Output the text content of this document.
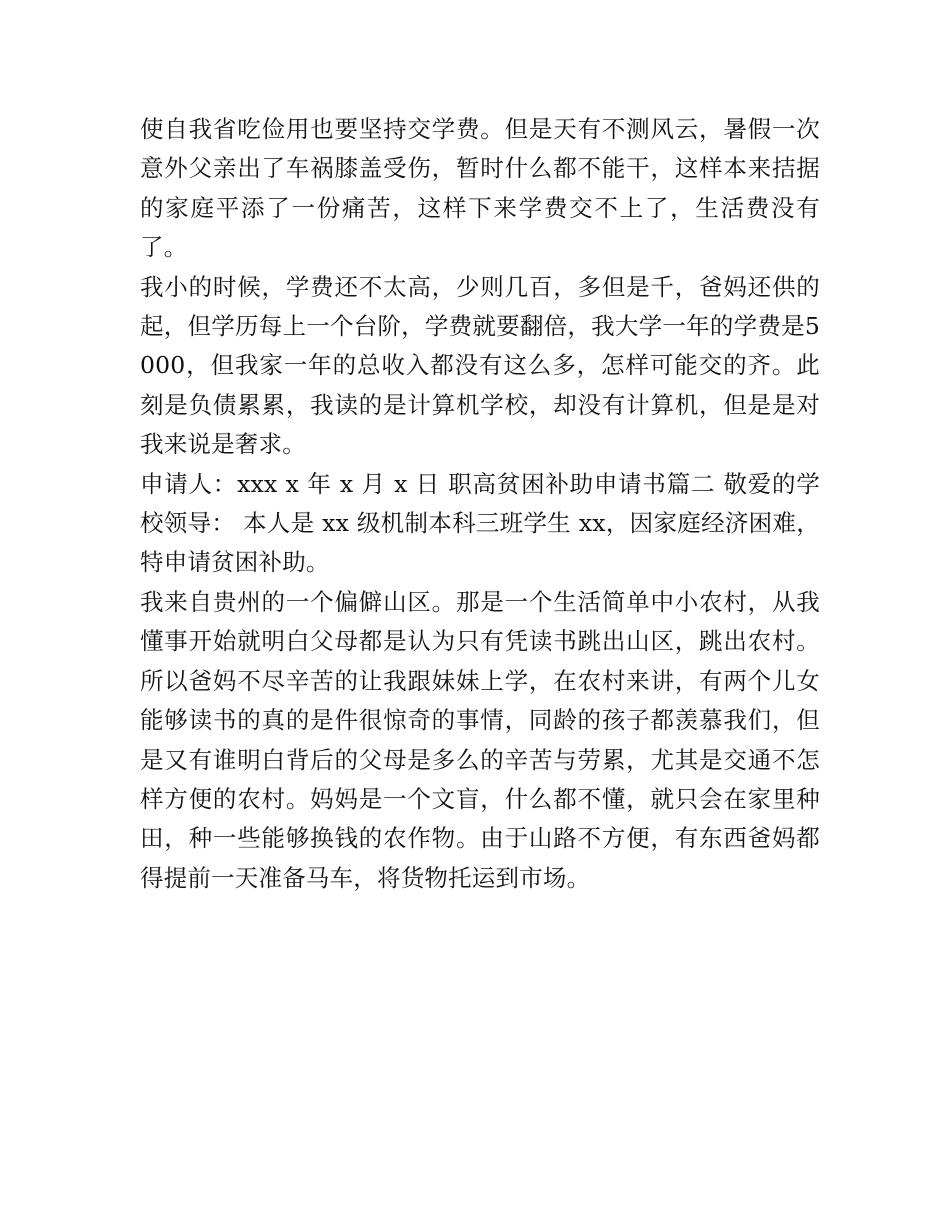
使自我省吃俭用也要坚持交学费。但是天有不测风云，暑假一次意外父亲出了车祸膝盖受伤，暂时什么都不能干，这样本来拮据的家庭平添了一份痛苦，这样下来学费交不上了，生活费没有了。

我小的时候，学费还不太高，少则几百，多但是千，爸妈还供的起，但学历每上一个台阶，学费就要翻倍，我大学一年的学费是5000，但我家一年的总收入都没有这么多，怎样可能交的齐。此刻是负债累累，我读的是计算机学校，却没有计算机，但是是对我来说是奢求。

申请人：xxx x 年 x 月 x 日 职高贫困补助申请书篇二 敬爱的学校领导： 本人是 xx 级机制本科三班学生 xx，因家庭经济困难，特申请贫困补助。

我来自贵州的一个偏僻山区。那是一个生活简单中小农村，从我懂事开始就明白父母都是认为只有凭读书跳出山区，跳出农村。所以爸妈不尽辛苦的让我跟妹妹上学，在农村来讲，有两个儿女能够读书的真的是件很惊奇的事情，同龄的孩子都羡慕我们，但是又有谁明白背后的父母是多么的辛苦与劳累，尤其是交通不怎样方便的农村。妈妈是一个文盲，什么都不懂，就只会在家里种田，种一些能够换钱的农作物。由于山路不方便，有东西爸妈都得提前一天准备马车，将货物托运到市场。
